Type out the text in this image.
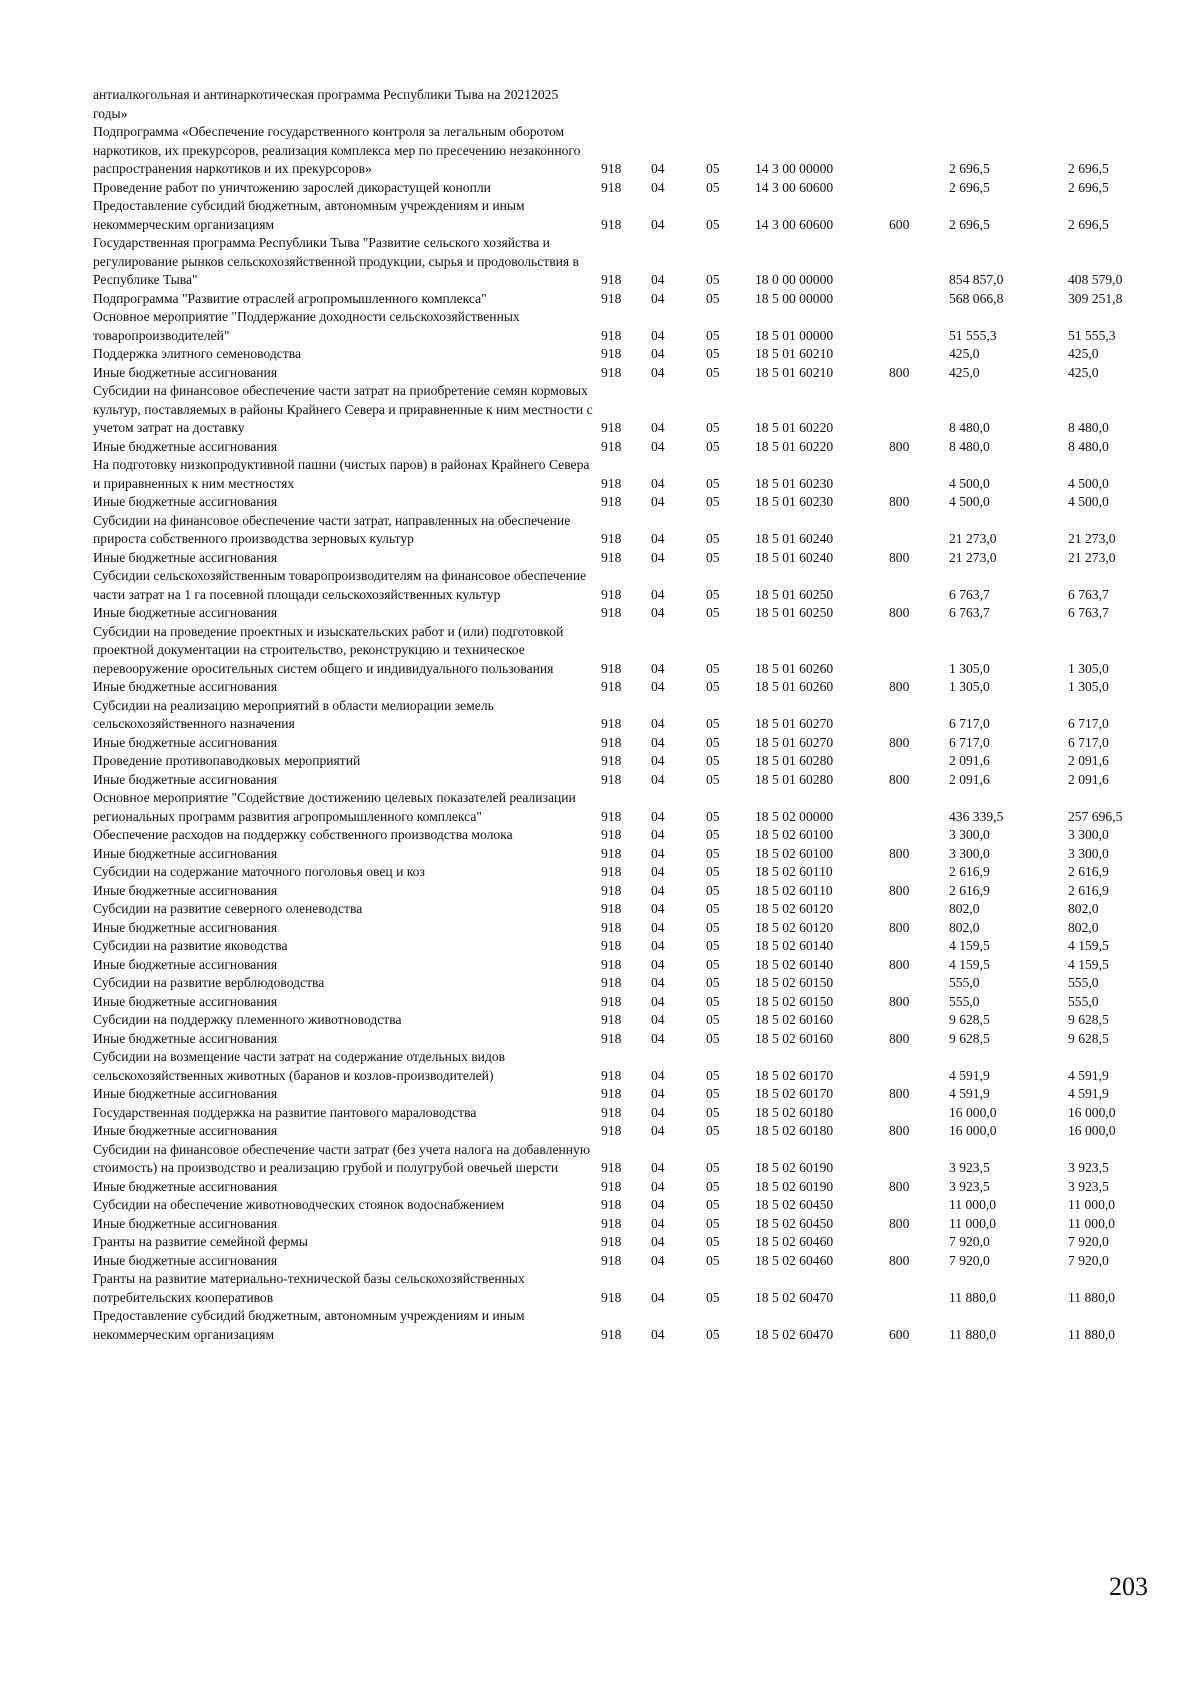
антиалкогольная и антинаркотическая программа Республики Тыва на 20212025 годы»							
Подпрограмма «Обеспечение государственного контроля за легальным оборотом наркотиков, их прекурсоров, реализация комплекса мер по пресечению незаконного распространения наркотиков и их прекурсоров»	918	04	05	14 3 00 00000		2 696,5	2 696,5
Проведение работ по уничтожению зарослей дикорастущей конопли	918	04	05	14 3 00 60600		2 696,5	2 696,5
Предоставление субсидий бюджетным, автономным учреждениям и иным некоммерческим организациям	918	04	05	14 3 00 60600	600	2 696,5	2 696,5
Государственная программа Республики Тыва "Развитие сельского хозяйства и регулирование рынков сельскохозяйственной продукции, сырья и продовольствия в Республике Тыва"	918	04	05	18 0 00 00000		854 857,0	408 579,0
Подпрограмма "Развитие отраслей агропромышленного комплекса"	918	04	05	18 5 00 00000		568 066,8	309 251,8
Основное мероприятие "Поддержание доходности сельскохозяйственных товаропроизводителей"	918	04	05	18 5 01 00000		51 555,3	51 555,3
Поддержка элитного семеноводства	918	04	05	18 5 01 60210		425,0	425,0
Иные бюджетные ассигнования	918	04	05	18 5 01 60210	800	425,0	425,0
Субсидии на финансовое обеспечение части затрат на приобретение семян кормовых культур, поставляемых в районы Крайнего Севера и приравненные к ним местности с учетом затрат на доставку	918	04	05	18 5 01 60220		8 480,0	8 480,0
Иные бюджетные ассигнования	918	04	05	18 5 01 60220	800	8 480,0	8 480,0
На подготовку низкопродуктивной пашни (чистых паров) в районах Крайнего Севера и приравненных к ним местностях	918	04	05	18 5 01 60230		4 500,0	4 500,0
Иные бюджетные ассигнования	918	04	05	18 5 01 60230	800	4 500,0	4 500,0
Субсидии на финансовое обеспечение части затрат, направленных на обеспечение прироста собственного производства зерновых культур	918	04	05	18 5 01 60240		21 273,0	21 273,0
Иные бюджетные ассигнования	918	04	05	18 5 01 60240	800	21 273,0	21 273,0
Субсидии сельскохозяйственным товаропроизводителям на финансовое обеспечение части затрат на 1 га посевной площади сельскохозяйственных культур	918	04	05	18 5 01 60250		6 763,7	6 763,7
Иные бюджетные ассигнования	918	04	05	18 5 01 60250	800	6 763,7	6 763,7
Субсидии на проведение проектных и изыскательских работ и (или) подготовкой проектной документации на строительство, реконструкцию и техническое перевооружение оросительных систем общего и индивидуального пользования	918	04	05	18 5 01 60260		1 305,0	1 305,0
Иные бюджетные ассигнования	918	04	05	18 5 01 60260	800	1 305,0	1 305,0
Субсидии на реализацию мероприятий в области мелиорации земель сельскохозяйственного назначения	918	04	05	18 5 01 60270		6 717,0	6 717,0
Иные бюджетные ассигнования	918	04	05	18 5 01 60270	800	6 717,0	6 717,0
Проведение противопаводковых мероприятий	918	04	05	18 5 01 60280		2 091,6	2 091,6
Иные бюджетные ассигнования	918	04	05	18 5 01 60280	800	2 091,6	2 091,6
Основное мероприятие "Содействие достижению целевых показателей реализации региональных программ развития агропромышленного комплекса"	918	04	05	18 5 02 00000		436 339,5	257 696,5
Обеспечение расходов на поддержку собственного производства молока	918	04	05	18 5 02 60100		3 300,0	3 300,0
Иные бюджетные ассигнования	918	04	05	18 5 02 60100	800	3 300,0	3 300,0
Субсидии на содержание маточного поголовья овец и коз	918	04	05	18 5 02 60110		2 616,9	2 616,9
Иные бюджетные ассигнования	918	04	05	18 5 02 60110	800	2 616,9	2 616,9
Субсидии на развитие северного оленеводства	918	04	05	18 5 02 60120		802,0	802,0
Иные бюджетные ассигнования	918	04	05	18 5 02 60120	800	802,0	802,0
Субсидии на развитие яководства	918	04	05	18 5 02 60140		4 159,5	4 159,5
Иные бюджетные ассигнования	918	04	05	18 5 02 60140	800	4 159,5	4 159,5
Субсидии на развитие верблюдоводства	918	04	05	18 5 02 60150		555,0	555,0
Иные бюджетные ассигнования	918	04	05	18 5 02 60150	800	555,0	555,0
Субсидии на поддержку племенного животноводства	918	04	05	18 5 02 60160		9 628,5	9 628,5
Иные бюджетные ассигнования	918	04	05	18 5 02 60160	800	9 628,5	9 628,5
Субсидии на возмещение части затрат на содержание отдельных видов сельскохозяйственных животных (баранов и козлов-производителей)	918	04	05	18 5 02 60170		4 591,9	4 591,9
Иные бюджетные ассигнования	918	04	05	18 5 02 60170	800	4 591,9	4 591,9
Государственная поддержка на развитие пантового мараловодства	918	04	05	18 5 02 60180		16 000,0	16 000,0
Иные бюджетные ассигнования	918	04	05	18 5 02 60180	800	16 000,0	16 000,0
Субсидии на финансовое обеспечение части затрат (без учета налога на добавленную стоимость) на производство и реализацию грубой и полугрубой овечьей шерсти	918	04	05	18 5 02 60190		3 923,5	3 923,5
Иные бюджетные ассигнования	918	04	05	18 5 02 60190	800	3 923,5	3 923,5
Субсидии на обеспечение животноводческих стоянок водоснабжением	918	04	05	18 5 02 60450		11 000,0	11 000,0
Иные бюджетные ассигнования	918	04	05	18 5 02 60450	800	11 000,0	11 000,0
Гранты на развитие семейной фермы	918	04	05	18 5 02 60460		7 920,0	7 920,0
Иные бюджетные ассигнования	918	04	05	18 5 02 60460	800	7 920,0	7 920,0
Гранты на развитие материально-технической базы сельскохозяйственных потребительских кооперативов	918	04	05	18 5 02 60470		11 880,0	11 880,0
Предоставление субсидий бюджетным, автономным учреждениям и иным некоммерческим организациям	918	04	05	18 5 02 60470	600	11 880,0	11 880,0
203
